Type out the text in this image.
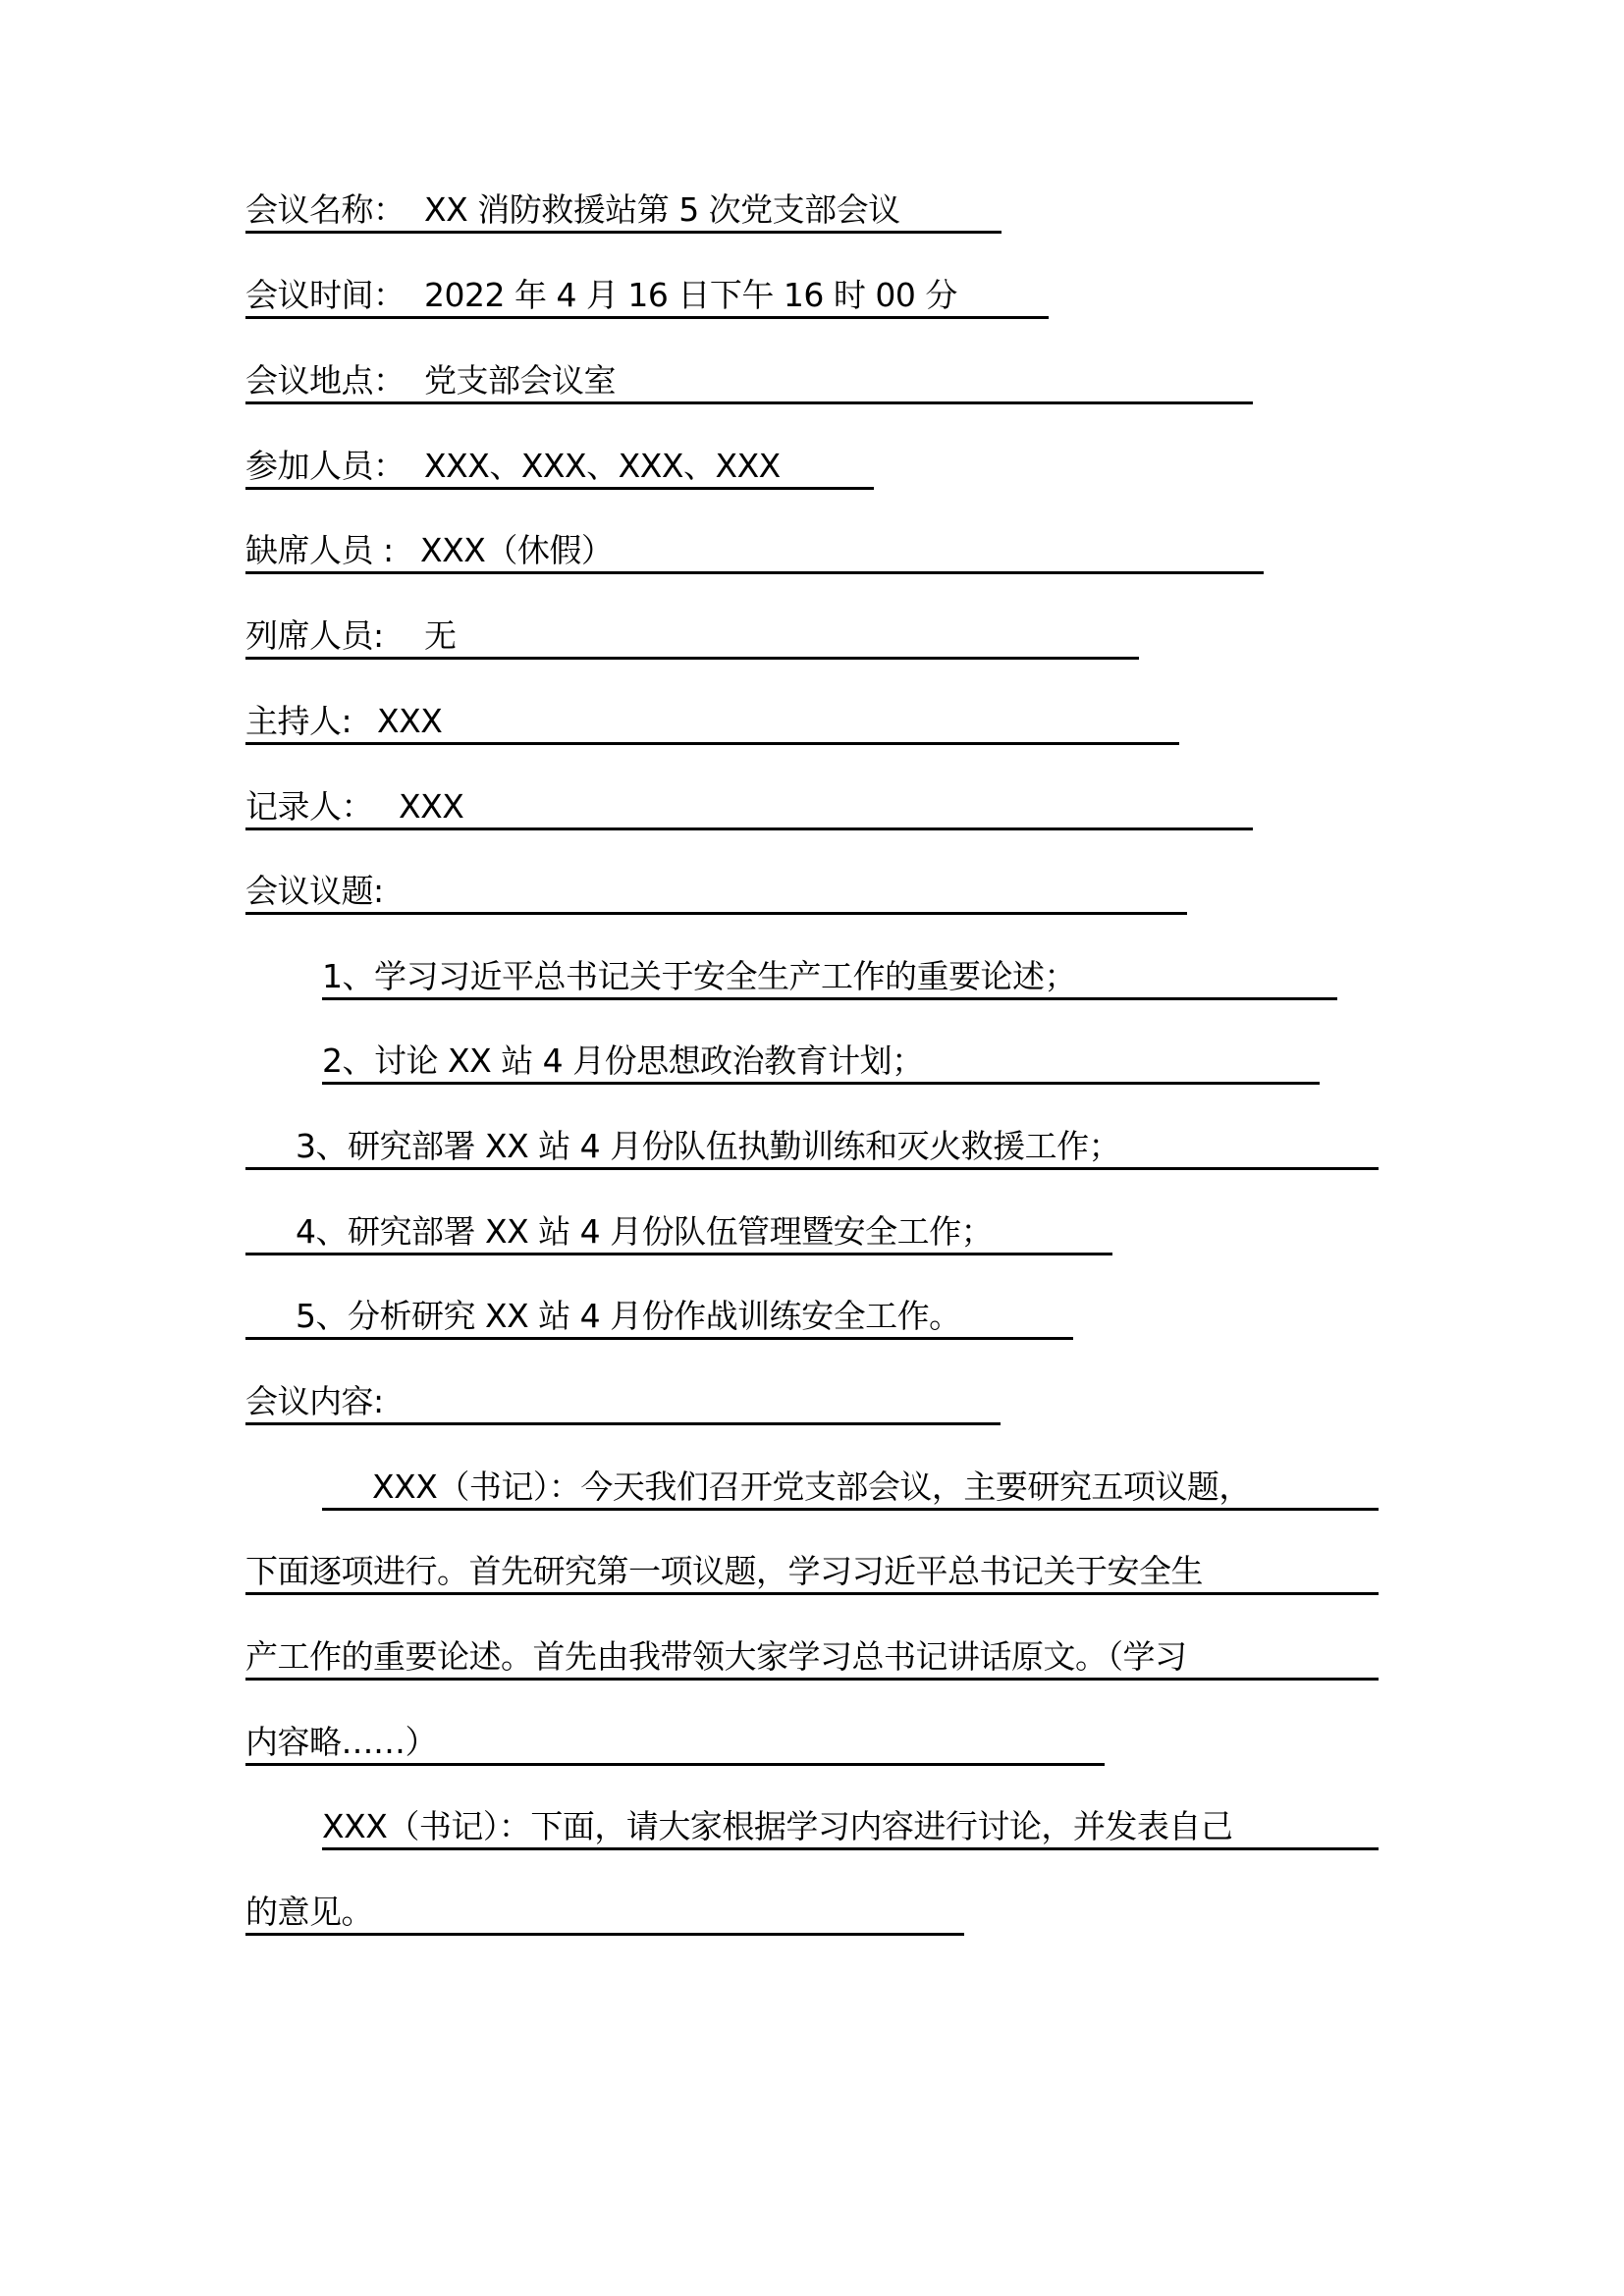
会议名称： XX 消防救援站第 5 次党支部会议
会议时间： 2022 年 4 月 16 日下午 16 时 00 分
会议地点： 党支部会议室
参加人员： XXX、XXX、XXX、XXX
缺席人员 : XXX（休假）
列席人员: 无
主持人: XXX
记录人： XXX
会议议题:
1、学习习近平总书记关于安全生产工作的重要论述；
2、讨论 XX 站 4 月份思想政治教育计划；
3、研究部署 XX 站 4 月份队伍执勤训练和灭火救援工作；
4、研究部署 XX 站 4 月份队伍管理暨安全工作；
5、分析研究 XX 站 4 月份作战训练安全工作。
会议内容:
XXX（书记）：今天我们召开党支部会议，主要研究五项议题，
下面逐项进行。首先研究第一项议题，学习习近平总书记关于安全生
产工作的重要论述。首先由我带领大家学习总书记讲话原文。（学习
内容略……）
XXX（书记）：下面，请大家根据学习内容进行讨论，并发表自己
的意见。
